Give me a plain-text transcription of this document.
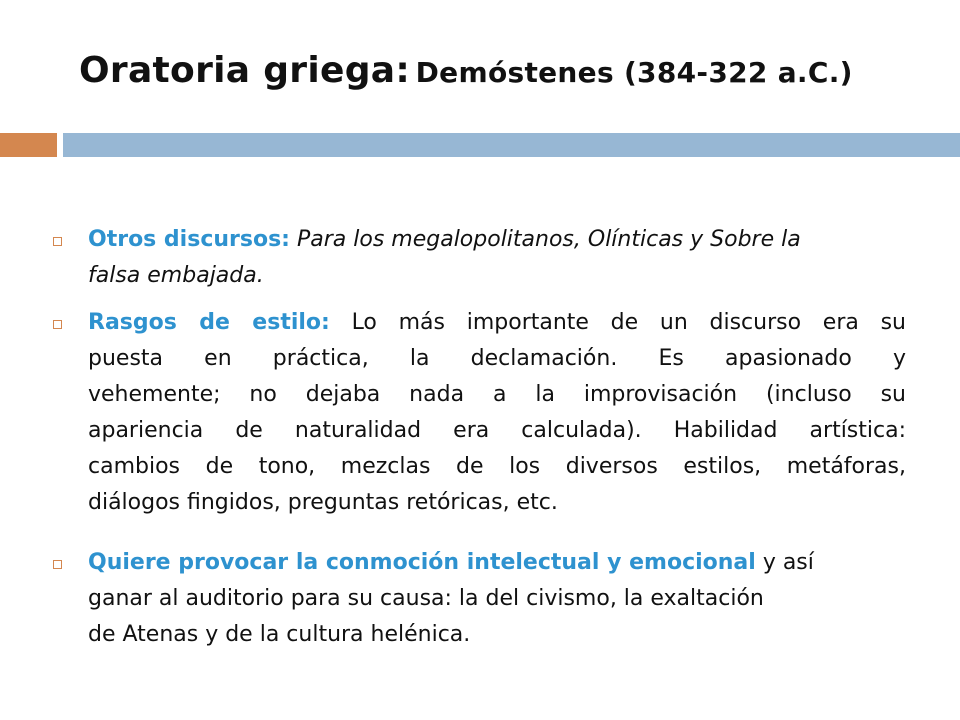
Oratoria griega: Demóstenes (384-322 a.C.)
Otros discursos: Para los megalopolitanos, Olínticas y Sobre la
falsa embajada.
Rasgos de estilo: Lo más importante de un discurso era su
puesta en práctica, la declamación. Es apasionado y
vehemente; no dejaba nada a la improvisación (incluso su
apariencia de naturalidad era calculada). Habilidad artística:
cambios de tono, mezclas de los diversos estilos, metáforas,
diálogos fingidos, preguntas retóricas, etc.
Quiere provocar la conmoción intelectual y emocional y así
ganar al auditorio para su causa: la del civismo, la exaltación
de Atenas y de la cultura helénica.
